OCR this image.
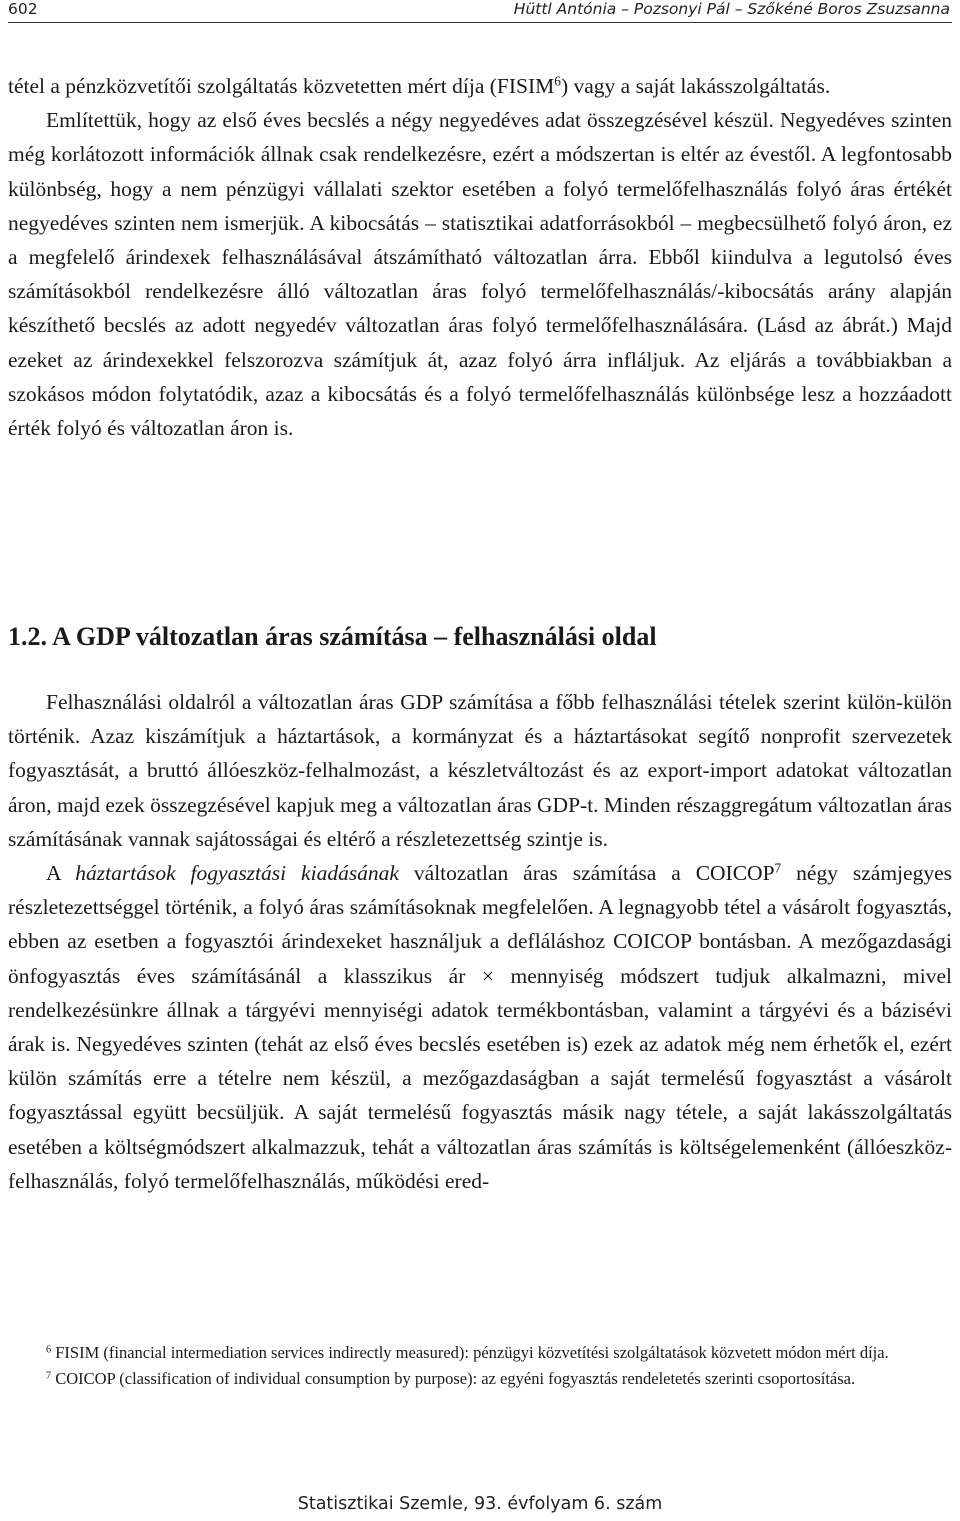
602	Hüttl Antónia – Pozsonyi Pál – Szőkéné Boros Zsuzsanna

tétel a pénzközvetítői szolgáltatás közvetetten mért díja (FISIM$^6$) vagy a saját lakásszolgáltatás.

Említettük, hogy az első éves becslés a négy negyedéves adat összegzésével készül. Negyedéves szinten még korlátozott információk állnak csak rendelkezésre, ezért a módszertan is eltér az évestől. A legfontosabb különbség, hogy a nem pénzügyi vállalati szektor esetében a folyó termelőfelhasználás folyó áras értékét negyedéves szinten nem ismerjük. A kibocsátás – statisztikai adatforrásokból – megbecsülhető folyó áron, ez a megfelelő árindexek felhasználásával átszámítható változatlan árra. Ebből kiindulva a legutolsó éves számításokból rendelkezésre álló változatlan áras folyó termelőfelhasználás/-kibocsátás arány alapján készíthető becslés az adott negyedév változatlan áras folyó termelőfelhasználására. (Lásd az ábrát.) Majd ezeket az árindexekkel felszorozva számítjuk át, azaz folyó árra infláljuk. Az eljárás a továbbiakban a szokásos módon folytatódik, azaz a kibocsátás és a folyó termelőfelhasználás különbsége lesz a hozzáadott érték folyó és változatlan áron is.

1.2. A GDP változatlan áras számítása – felhasználási oldal

Felhasználási oldalról a változatlan áras GDP számítása a főbb felhasználási tételek szerint külön-külön történik. Azaz kiszámítjuk a háztartások, a kormányzat és a háztartásokat segítő nonprofit szervezetek fogyasztását, a bruttó állóeszköz-felhalmozást, a készletváltozást és az export-import adatokat változatlan áron, majd ezek összegzésével kapjuk meg a változatlan áras GDP-t. Minden részaggregátum változatlan áras számításának vannak sajátosságai és eltérő a részletezettség szintje is.

A háztartások fogyasztási kiadásának változatlan áras számítása a COICOP$^7$ négy számjegyes részletezettséggel történik, a folyó áras számításoknak megfelelően. A legnagyobb tétel a vásárolt fogyasztás, ebben az esetben a fogyasztói árindexeket használjuk a defláláshoz COICOP bontásban. A mezőgazdasági önfogyasztás éves számításánál a klasszikus ár × mennyiség módszert tudjuk alkalmazni, mivel rendelkezésünkre állnak a tárgyévi mennyiségi adatok termékbontásban, valamint a tárgyévi és a bázisévi árak is. Negyedéves szinten (tehát az első éves becslés esetében is) ezek az adatok még nem érhetők el, ezért külön számítás erre a tételre nem készül, a mezőgazdaságban a saját termelésű fogyasztást a vásárolt fogyasztással együtt becsüljük. A saját termelésű fogyasztás másik nagy tétele, a saját lakásszolgáltatás esetében a költségmódszert alkalmazzuk, tehát a változatlan áras számítás is költségelemenként (állóeszköz-felhasználás, folyó termelőfelhasználás, működési ered-

$^6$ FISIM (financial intermediation services indirectly measured): pénzügyi közvetítési szolgáltatások közvetett módon mért díja.

$^7$ COICOP (classification of individual consumption by purpose): az egyéni fogyasztás rendeletetés szerinti csoportosítása.

Statisztikai Szemle, 93. évfolyam 6. szám
